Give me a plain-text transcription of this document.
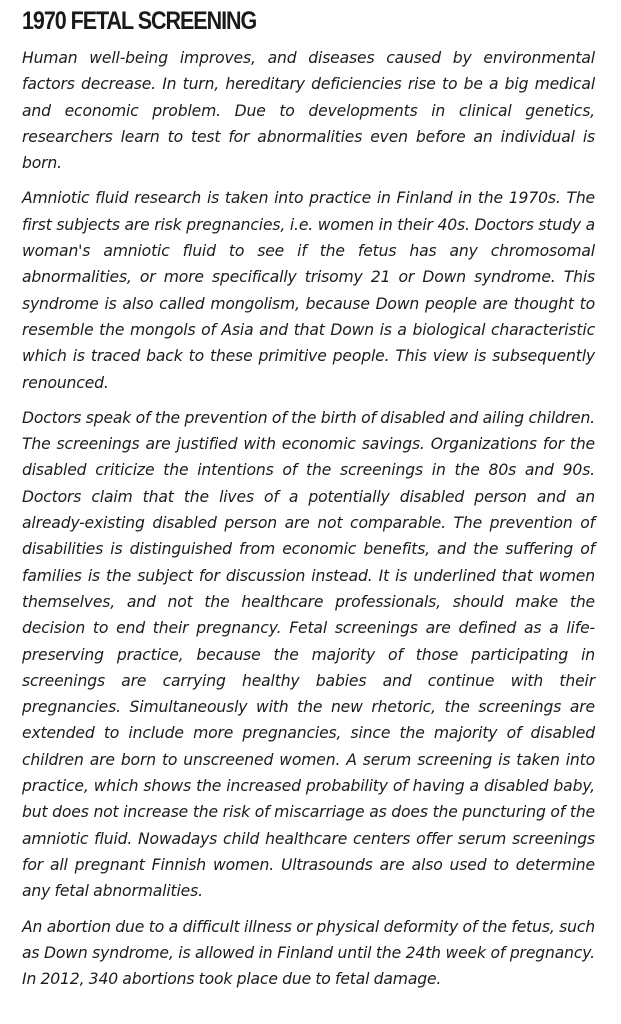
1970 FETAL SCREENING

Human well-being improves, and diseases caused by environmental factors decrease. In turn, hereditary deficiencies rise to be a big medical and economic problem. Due to developments in clinical genetics, researchers learn to test for abnormalities even before an individual is born.

Amniotic fluid research is taken into practice in Finland in the 1970s. The first subjects are risk pregnancies, i.e. women in their 40s. Doctors study a woman's amniotic fluid to see if the fetus has any chromosomal abnormalities, or more specifically trisomy 21 or Down syndrome. This syndrome is also called mongolism, because Down people are thought to resemble the mongols of Asia and that Down is a biological characteristic which is traced back to these primitive people. This view is subsequently renounced.

Doctors speak of the prevention of the birth of disabled and ailing children. The screenings are justified with economic savings. Organizations for the disabled criticize the intentions of the screenings in the 80s and 90s. Doctors claim that the lives of a potentially disabled person and an already-existing disabled person are not comparable. The prevention of disabilities is distinguished from economic benefits, and the suffering of families is the subject for discussion instead. It is underlined that women themselves, and not the healthcare professionals, should make the decision to end their pregnancy. Fetal screenings are defined as a life-preserving practice, because the majority of those participating in screenings are carrying healthy babies and continue with their pregnancies. Simultaneously with the new rhetoric, the screenings are extended to include more pregnancies, since the majority of disabled children are born to unscreened women. A serum screening is taken into practice, which shows the increased probability of having a disabled baby, but does not increase the risk of miscarriage as does the puncturing of the amniotic fluid. Nowadays child healthcare centers offer serum screenings for all pregnant Finnish women. Ultrasounds are also used to determine any fetal abnormalities.

An abortion due to a difficult illness or physical deformity of the fetus, such as Down syndrome, is allowed in Finland until the 24th week of pregnancy. In 2012, 340 abortions took place due to fetal damage.
